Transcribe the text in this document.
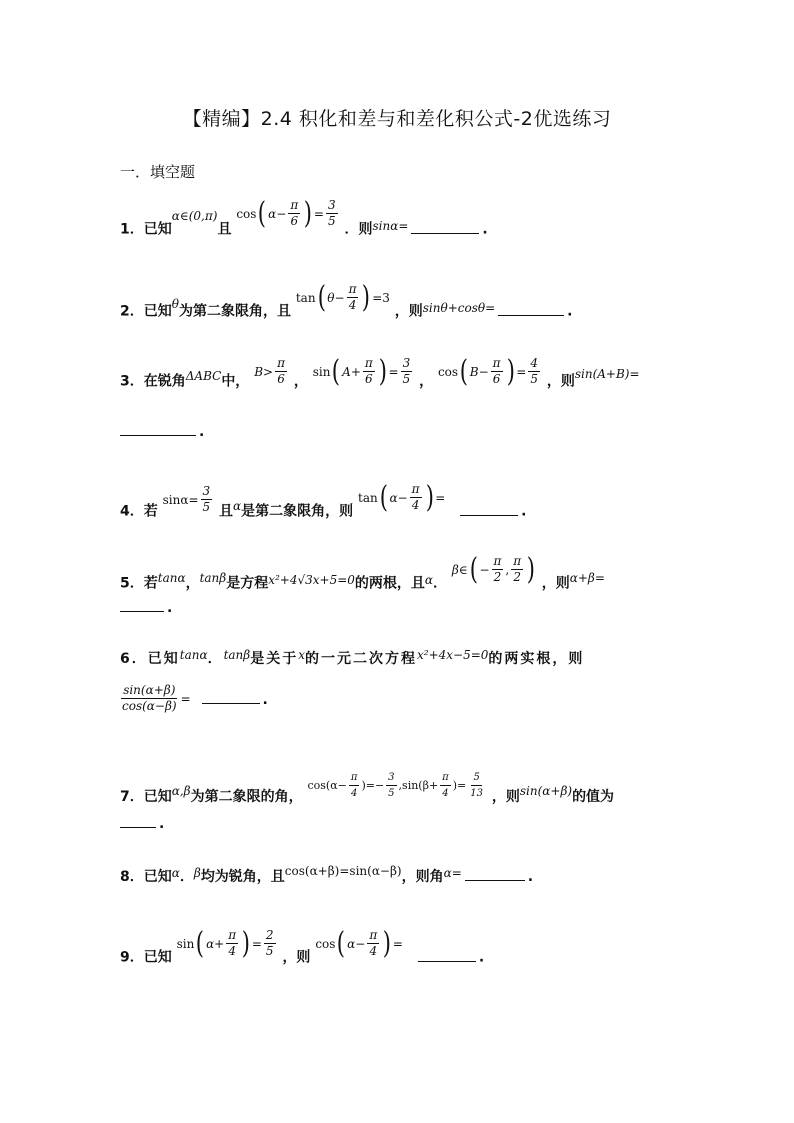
【精编】2.4 积化和差与和差化积公式-2优选练习
一．填空题
1．已知α∈(0,π)且
cos ( $\alpha- \frac{\pi}{6}$ ) = $\frac{3}{5}$
．则sinα=	.
2．已知θ为第二象限角，且
tan ( $\theta- \frac{\pi}{4}$ ) =3
，则sinθ+cosθ=	.
3．在锐角ΔABC中，
$B> \frac{\pi}{6}$ ，
sin ( $A+ \frac{\pi}{6}$ ) = $\frac{3}{5}$ ，
cos ( $B- \frac{\pi}{6}$ ) = $\frac{4}{5}$ ，则sin(A+B)=
.
4．若
$\sin\alpha= \frac{3}{5}$ 且α是第二象限角，则
tan ( $\alpha- \frac{\pi}{4}$ ) =
.
5．若tanα，tanβ是方程x²+4√3x+5=0的两根，且α．
β∈ ( − $\frac{\pi}{2}$ , $\frac{\pi}{2}$ ) ，则α+β=
.
6．已知tanα．tanβ是关于x的一元二次方程x²+4x−5=0的两实根，则
$\frac{\sin(\alpha+\beta)}{\cos(\alpha-\beta)}$ =	.
7．已知α,β为第二象限的角，
$\cos(\alpha- \frac{\pi}{4}$ )=− $\frac{3}{5} ,\sin(\beta+ \frac{\pi}{4}$ )= $\frac{5}{13}$ ，则sin(α+β)的值为
.
8．已知α．β均为锐角，且cos(α+β)=sin(α−β)，则角α=	.
9．已知
sin ( $\alpha+ \frac{\pi}{4}$ ) = $\frac{2}{5}$ ，则
cos ( $\alpha- \frac{\pi}{4}$ ) =
.
